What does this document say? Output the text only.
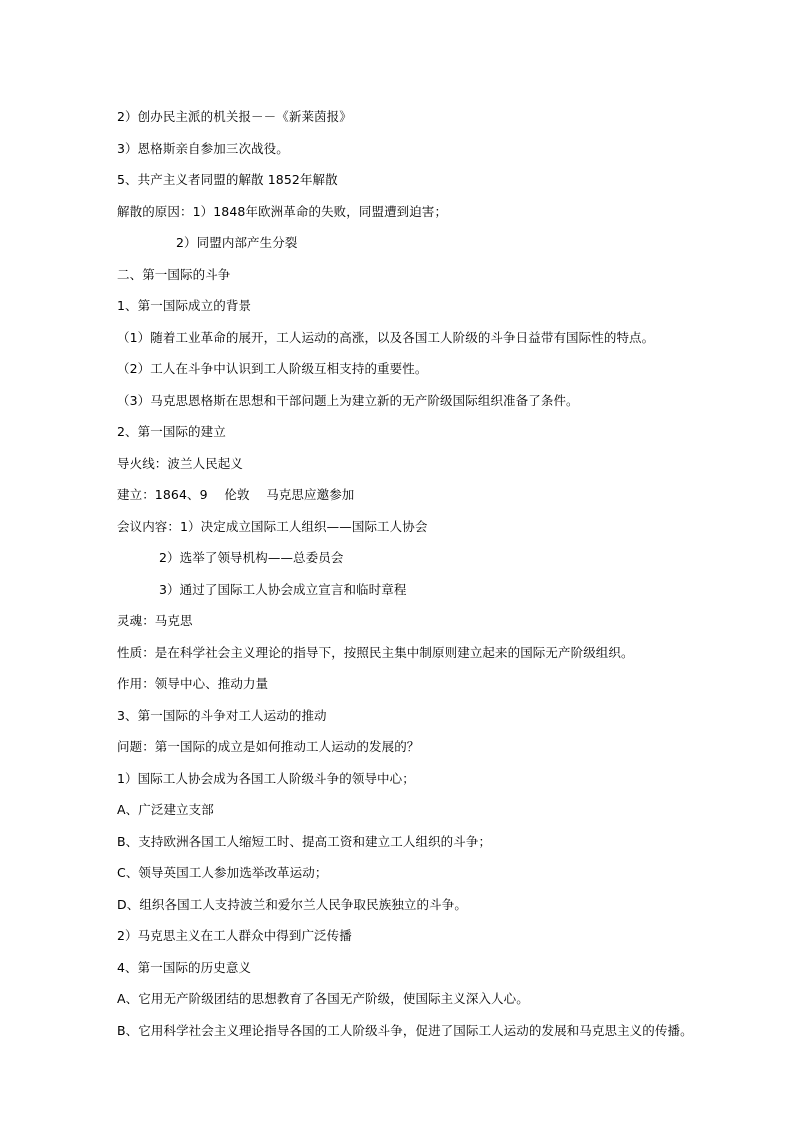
2）创办民主派的机关报－－《新莱茵报》
3）恩格斯亲自参加三次战役。
5、共产主义者同盟的解散 1852年解散
解散的原因：1）1848年欧洲革命的失败，同盟遭到迫害；
2）同盟内部产生分裂
二、第一国际的斗争
1、第一国际成立的背景
（1）随着工业革命的展开，工人运动的高涨，以及各国工人阶级的斗争日益带有国际性的特点。
（2）工人在斗争中认识到工人阶级互相支持的重要性。
（3）马克思恩格斯在思想和干部问题上为建立新的无产阶级国际组织准备了条件。
2、第一国际的建立
导火线：波兰人民起义
建立：1864、9　 伦敦　 马克思应邀参加
会议内容：1）决定成立国际工人组织——国际工人协会
2）选举了领导机构——总委员会
3）通过了国际工人协会成立宣言和临时章程
灵魂：马克思
性质：是在科学社会主义理论的指导下，按照民主集中制原则建立起来的国际无产阶级组织。
作用：领导中心、推动力量
3、第一国际的斗争对工人运动的推动
问题：第一国际的成立是如何推动工人运动的发展的？
1）国际工人协会成为各国工人阶级斗争的领导中心；
A、广泛建立支部
B、支持欧洲各国工人缩短工时、提高工资和建立工人组织的斗争；
C、领导英国工人参加选举改革运动；
D、组织各国工人支持波兰和爱尔兰人民争取民族独立的斗争。
2）马克思主义在工人群众中得到广泛传播
4、第一国际的历史意义
A、它用无产阶级团结的思想教育了各国无产阶级，使国际主义深入人心。
B、它用科学社会主义理论指导各国的工人阶级斗争，促进了国际工人运动的发展和马克思主义的传播。
